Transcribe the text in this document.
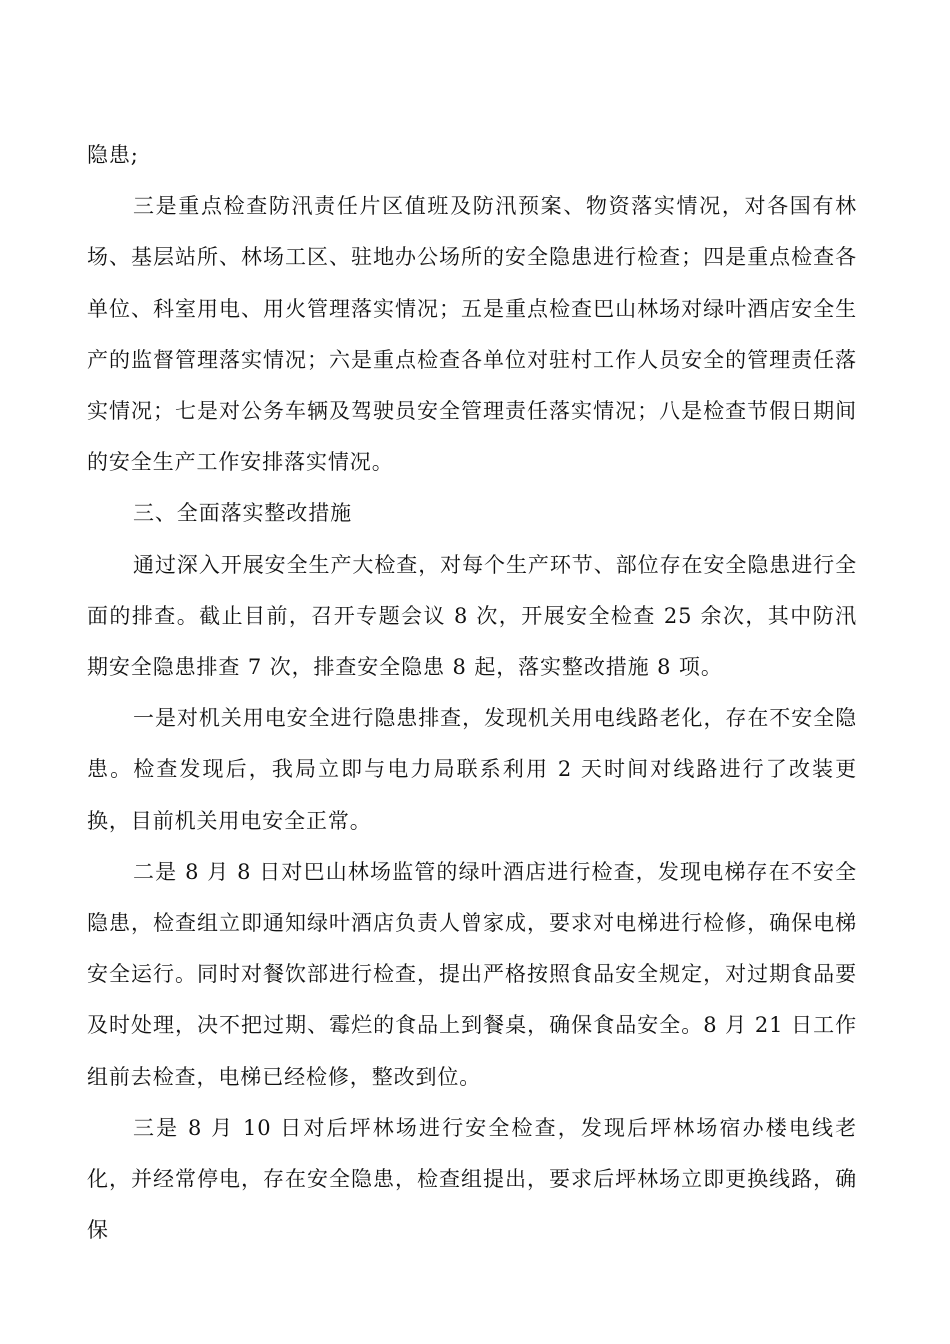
隐患;

三是重点检查防汛责任片区值班及防汛预案、物资落实情况，对各国有林场、基层站所、林场工区、驻地办公场所的安全隐患进行检查；四是重点检查各单位、科室用电、用火管理落实情况；五是重点检查巴山林场对绿叶酒店安全生产的监督管理落实情况；六是重点检查各单位对驻村工作人员安全的管理责任落实情况；七是对公务车辆及驾驶员安全管理责任落实情况；八是检查节假日期间的安全生产工作安排落实情况。

三、全面落实整改措施

通过深入开展安全生产大检查，对每个生产环节、部位存在安全隐患进行全面的排查。截止目前，召开专题会议 8 次，开展安全检查 25 余次，其中防汛期安全隐患排查 7 次，排查安全隐患 8 起，落实整改措施 8 项。

一是对机关用电安全进行隐患排查，发现机关用电线路老化，存在不安全隐患。检查发现后，我局立即与电力局联系利用 2 天时间对线路进行了改装更换，目前机关用电安全正常。

二是 8 月 8 日对巴山林场监管的绿叶酒店进行检查，发现电梯存在不安全隐患，检查组立即通知绿叶酒店负责人曾家成，要求对电梯进行检修，确保电梯安全运行。同时对餐饮部进行检查，提出严格按照食品安全规定，对过期食品要及时处理，决不把过期、霉烂的食品上到餐桌，确保食品安全。8 月 21 日工作组前去检查，电梯已经检修，整改到位。

三是 8 月 10 日对后坪林场进行安全检查，发现后坪林场宿办楼电线老化，并经常停电，存在安全隐患，检查组提出，要求后坪林场立即更换线路，确保
